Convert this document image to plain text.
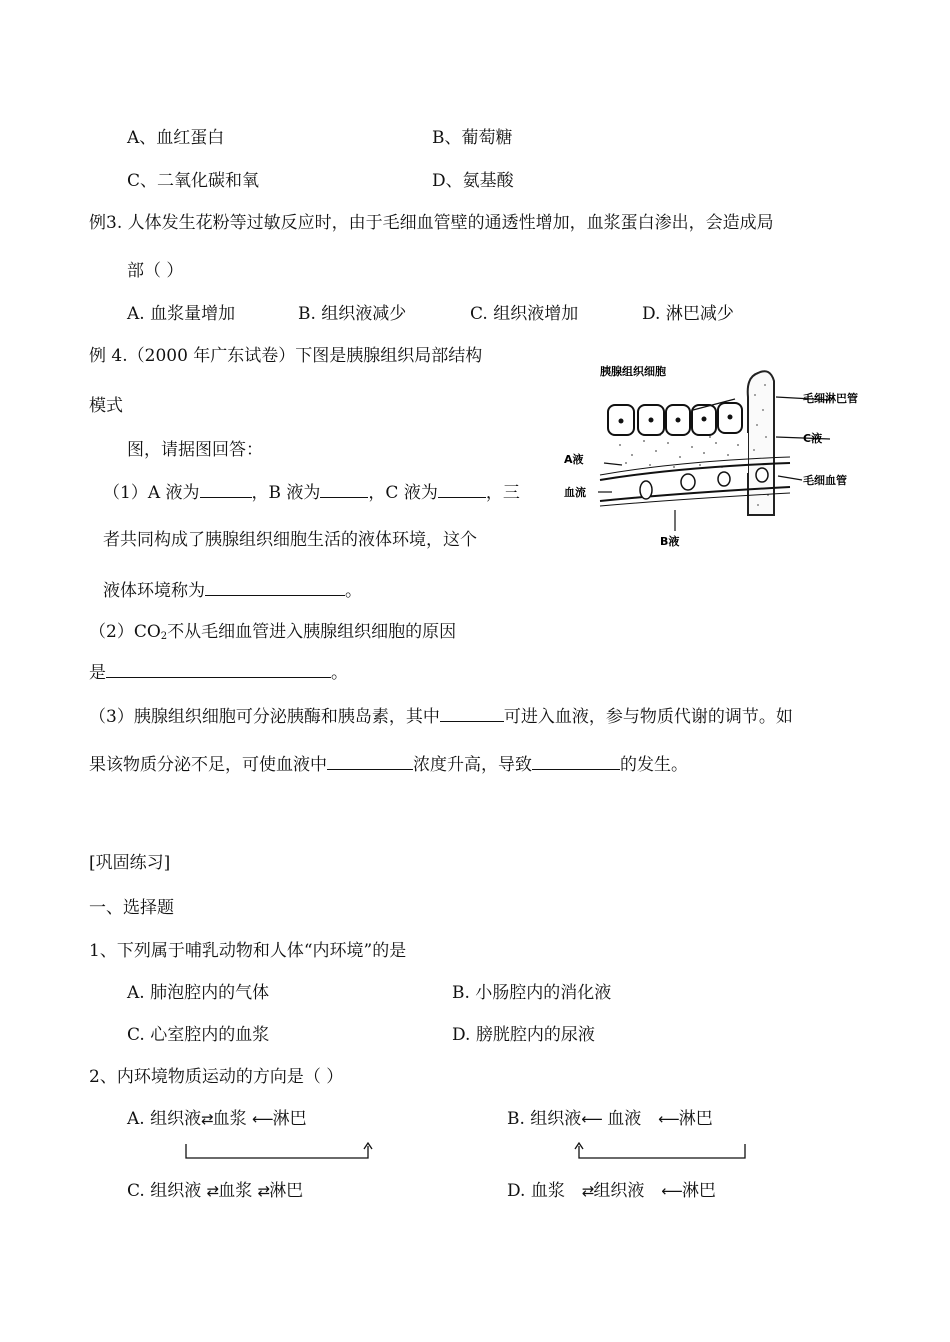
A、血红蛋白	B、葡萄糖
C、二氧化碳和氧	D、氨基酸
例3. 人体发生花粉等过敏反应时，由于毛细血管壁的通透性增加，血浆蛋白渗出，会造成局
部（ ）
A. 血浆量增加	B. 组织液减少	C. 组织液增加	D. 淋巴减少
例 4.（2000 年广东试卷）下图是胰腺组织局部结构
模式
图，请据图回答：
（1）A 液为	，B 液为	，C 液为	，三
者共同构成了胰腺组织细胞生活的液体环境，这个
液体环境称为	。
$(2)CO_2$不从毛细血管进入胰腺组织细胞的原因
是	。
（3）胰腺组织细胞可分泌胰酶和胰岛素，其中	可进入血液，参与物质代谢的调节。如
果该物质分泌不足，可使血液中	浓度升高，导致	的发生。
胰腺组织细胞
毛细淋巴管
C液
A液
毛细血管
血流
B液
[巩固练习]
一、选择题
1、下列属于哺乳动物和人体“内环境”的是
A. 肺泡腔内的气体	B. 小肠腔内的消化液
C. 心室腔内的血浆	D. 膀胱腔内的尿液
2、内环境物质运动的方向是（ ）
A. 组织液⇄血浆 ⟵淋巴	B. 组织液⟵ 血液　 ⟵淋巴
C. 组织液 ⇄血浆 ⇄淋巴	D. 血浆　 ⇄组织液　 ⟵淋巴
